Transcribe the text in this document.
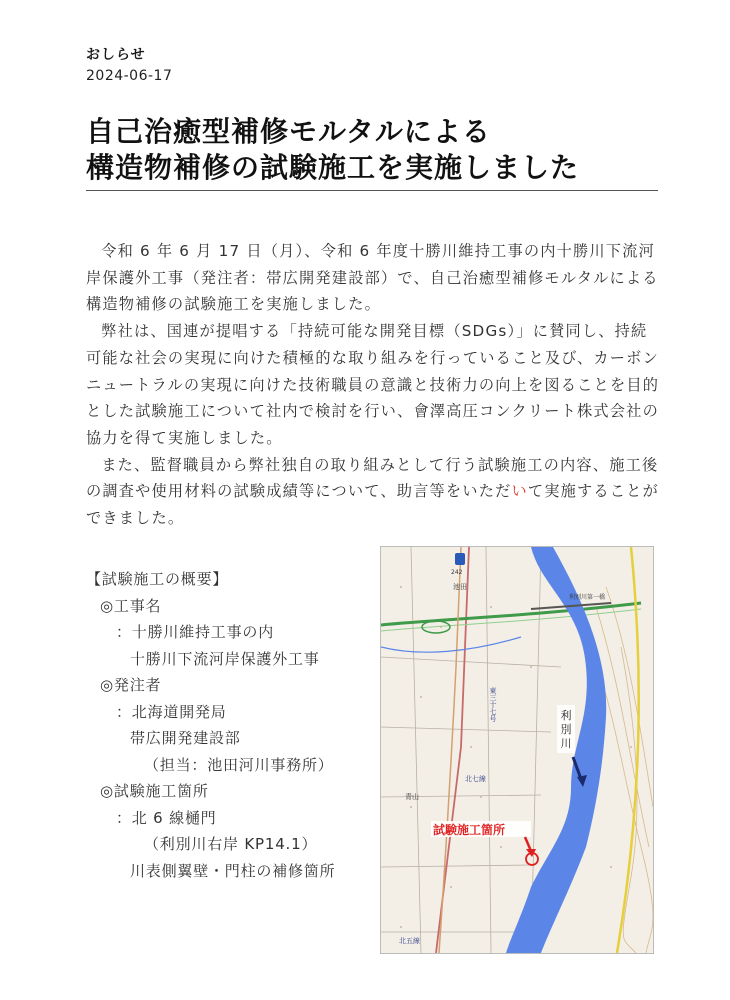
おしらせ
2024-06-17
自己治癒型補修モルタルによる
構造物補修の試験施工を実施しました

令和 6 年 6 月 17 日（月）、令和 6 年度十勝川維持工事の内十勝川下流河岸保護外工事（発注者：帯広開発建設部）で、自己治癒型補修モルタルによる構造物補修の試験施工を実施しました。

弊社は、国連が提唱する「持続可能な開発目標（SDGs）」に賛同し、持続可能な社会の実現に向けた積極的な取り組みを行っていること及び、カーボンニュートラルの実現に向けた技術職員の意識と技術力の向上を図ることを目的とした試験施工について社内で検討を行い、會澤高圧コンクリート株式会社の協力を得て実施しました。

また、監督職員から弊社独自の取り組みとして行う試験施工の内容、施工後の調査や使用材料の試験成績等について、助言等をいただいて実施することができました。

【試験施工の概要】
◎工事名
：十勝川維持工事の内
十勝川下流河岸保護外工事
◎発注者
：北海道開発局
帯広開発建設部
（担当：池田河川事務所）
◎試験施工箇所
：北 6 線樋門
（利別川右岸 KP14.1）
川表側翼壁・門柱の補修箇所
242
池田
利別川第一橋
東三十七号
北七線
青山
北五線
利
別
川
試験施工箇所
